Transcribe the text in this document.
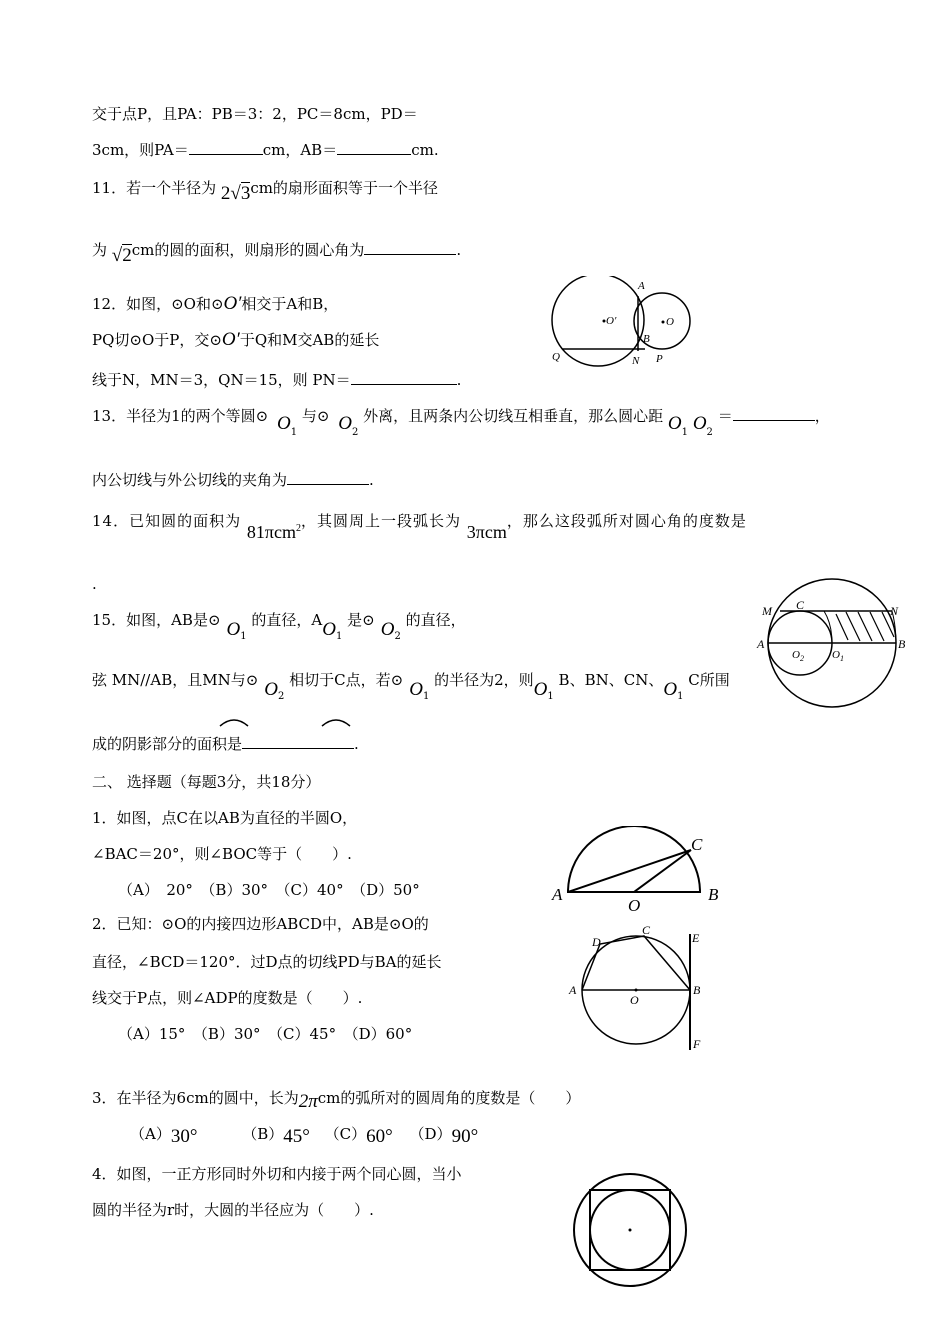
交于点P，且PA：PB＝3：2，PC＝8cm，PD＝
3cm，则PA＝	cm，AB＝	cm.
11．若一个半径为 2√3cm的扇形面积等于一个半径
为 √2cm的圆的面积，则扇形的圆心角为	.
12．如图，⊙O和⊙O′相交于A和B，
PQ切⊙O于P，交⊙O′于Q和M交AB的延长
线于N，MN＝3，QN＝15，则 PN＝	.
A
B
O′	O
Q	N P
13．半径为1的两个等圆⊙ $O_1$ 与⊙ $O_2$ 外离，且两条内公切线互相垂直，那么圆心距 $O_1$ $O_2$ ＝	，
内公切线与外公切线的夹角为	.
14．已知圆的面积为 81πcm$^2$，其圆周上一段弧长为 3πcm，那么这段弧所对圆心角的度数是
.
15．如图，AB是⊙ $O_1$ 的直径，$AO_1$ 是⊙ $O_2$ 的直径，
弦 MN//AB，且MN与⊙ $O_2$ 相切于C点，若⊙ $O_1$ 的半径为2，则$O_1$ B、BN、CN、$O_1$ C所围
成的阴影部分的面积是	.
M C	N
A	B
$O_2$	$O_1$
二、 选择题（每题3分，共18分）
1．如图，点C在以AB为直径的半圆O，
∠BAC＝20°，则∠BOC等于（　　）.
（A）　20°　（B）30°　（C）40°　（D）50°	A	B
C
O
2．已知：⊙O的内接四边形ABCD中，AB是⊙O的
直径，∠BCD＝120°．过D点的切线PD与BA的延长
线交于P点，则∠ADP的度数是（　　）.
（A）15°　（B）30°　（C）45°　（D）60°
D
C
E
A
O
B
F
3．在半径为6cm的圆中，长为2πcm的弧所对的圆周角的度数是（　　）
（A）30°	（B）45° （C）60° （D）90°
4．如图，一正方形同时外切和内接于两个同心圆，当小
圆的半径为r时，大圆的半径应为（　　）.
